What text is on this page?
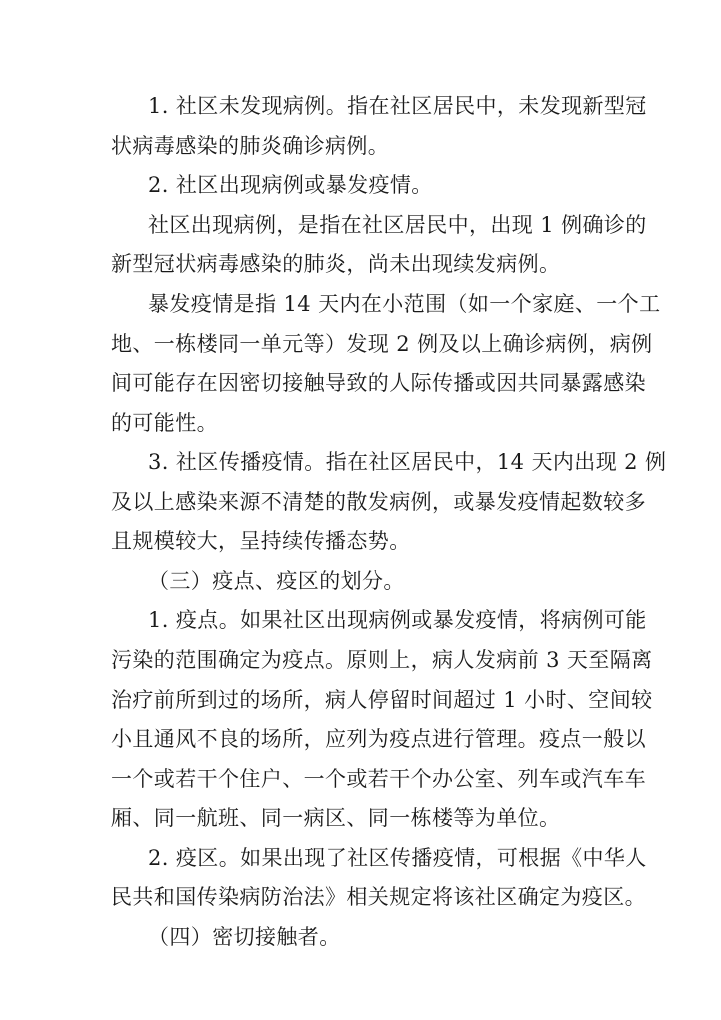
1. 社区未发现病例。指在社区居民中，未发现新型冠
状病毒感染的肺炎确诊病例。
2. 社区出现病例或暴发疫情。
社区出现病例，是指在社区居民中，出现 1 例确诊的
新型冠状病毒感染的肺炎，尚未出现续发病例。
暴发疫情是指 14 天内在小范围（如一个家庭、一个工
地、一栋楼同一单元等）发现 2 例及以上确诊病例，病例
间可能存在因密切接触导致的人际传播或因共同暴露感染
的可能性。
3. 社区传播疫情。指在社区居民中，14 天内出现 2 例
及以上感染来源不清楚的散发病例，或暴发疫情起数较多
且规模较大，呈持续传播态势。
（三）疫点、疫区的划分。
1. 疫点。如果社区出现病例或暴发疫情，将病例可能
污染的范围确定为疫点。原则上，病人发病前 3 天至隔离
治疗前所到过的场所，病人停留时间超过 1 小时、空间较
小且通风不良的场所，应列为疫点进行管理。疫点一般以
一个或若干个住户、一个或若干个办公室、列车或汽车车
厢、同一航班、同一病区、同一栋楼等为单位。
2. 疫区。如果出现了社区传播疫情，可根据《中华人
民共和国传染病防治法》相关规定将该社区确定为疫区。
（四）密切接触者。
